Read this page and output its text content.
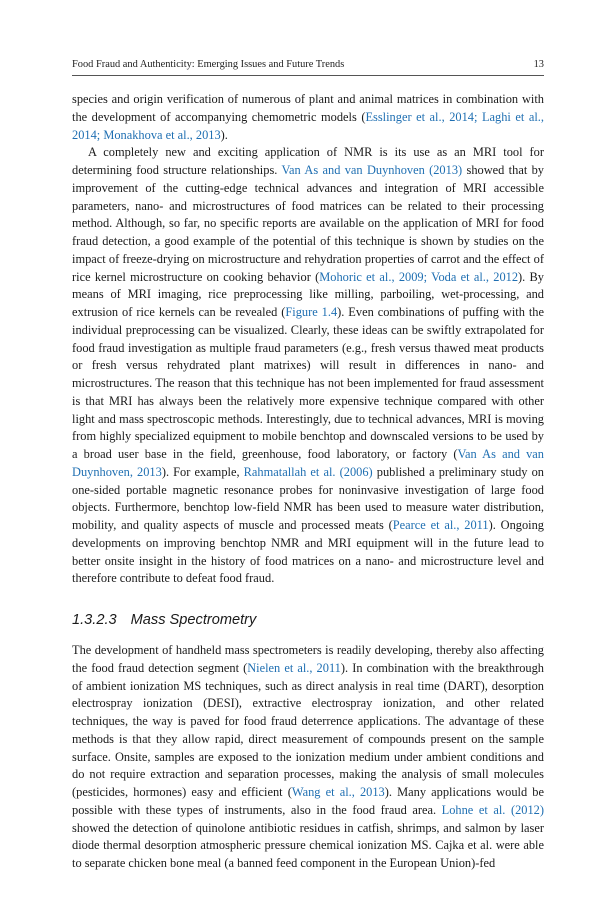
Food Fraud and Authenticity: Emerging Issues and Future Trends	13

species and origin verification of numerous of plant and animal matrices in combination with the development of accompanying chemometric models (Esslinger et al., 2014; Laghi et al., 2014; Monakhova et al., 2013).

A completely new and exciting application of NMR is its use as an MRI tool for determining food structure relationships. Van As and van Duynhoven (2013) showed that by improvement of the cutting-edge technical advances and integration of MRI accessible parameters, nano- and microstructures of food matrices can be related to their processing method. Although, so far, no specific reports are available on the application of MRI for food fraud detection, a good example of the potential of this technique is shown by studies on the impact of freeze-drying on microstructure and rehydration properties of carrot and the effect of rice kernel microstructure on cooking behavior (Mohoric et al., 2009; Voda et al., 2012). By means of MRI imaging, rice preprocessing like milling, parboiling, wet-processing, and extrusion of rice kernels can be revealed (Figure 1.4). Even combinations of puffing with the individual preprocessing can be visualized. Clearly, these ideas can be swiftly extrapolated for food fraud investigation as multiple fraud parameters (e.g., fresh versus thawed meat products or fresh versus rehydrated plant matrixes) will result in differences in nano- and microstructures. The reason that this technique has not been implemented for fraud assessment is that MRI has always been the relatively more expensive technique compared with other light and mass spectroscopic methods. Interestingly, due to technical advances, MRI is moving from highly specialized equipment to mobile benchtop and downscaled versions to be used by a broad user base in the field, greenhouse, food laboratory, or factory (Van As and van Duynhoven, 2013). For example, Rahmatallah et al. (2006) published a preliminary study on one-sided portable magnetic resonance probes for noninvasive investigation of large food objects. Furthermore, benchtop low-field NMR has been used to measure water distribution, mobility, and quality aspects of muscle and processed meats (Pearce et al., 2011). Ongoing developments on improving benchtop NMR and MRI equipment will in the future lead to better onsite insight in the history of food matrices on a nano- and microstructure level and therefore contribute to defeat food fraud.

1.3.2.3 Mass Spectrometry

The development of handheld mass spectrometers is readily developing, thereby also affecting the food fraud detection segment (Nielen et al., 2011). In combination with the breakthrough of ambient ionization MS techniques, such as direct analysis in real time (DART), desorption electrospray ionization (DESI), extractive electrospray ionization, and other related techniques, the way is paved for food fraud deterrence applications. The advantage of these methods is that they allow rapid, direct measurement of compounds present on the sample surface. Onsite, samples are exposed to the ionization medium under ambient conditions and do not require extraction and separation processes, making the analysis of small molecules (pesticides, hormones) easy and efficient (Wang et al., 2013). Many applications would be possible with these types of instruments, also in the food fraud area. Lohne et al. (2012) showed the detection of quinolone antibiotic residues in catfish, shrimps, and salmon by laser diode thermal desorption atmospheric pressure chemical ionization MS. Cajka et al. were able to separate chicken bone meal (a banned feed component in the European Union)-fed
